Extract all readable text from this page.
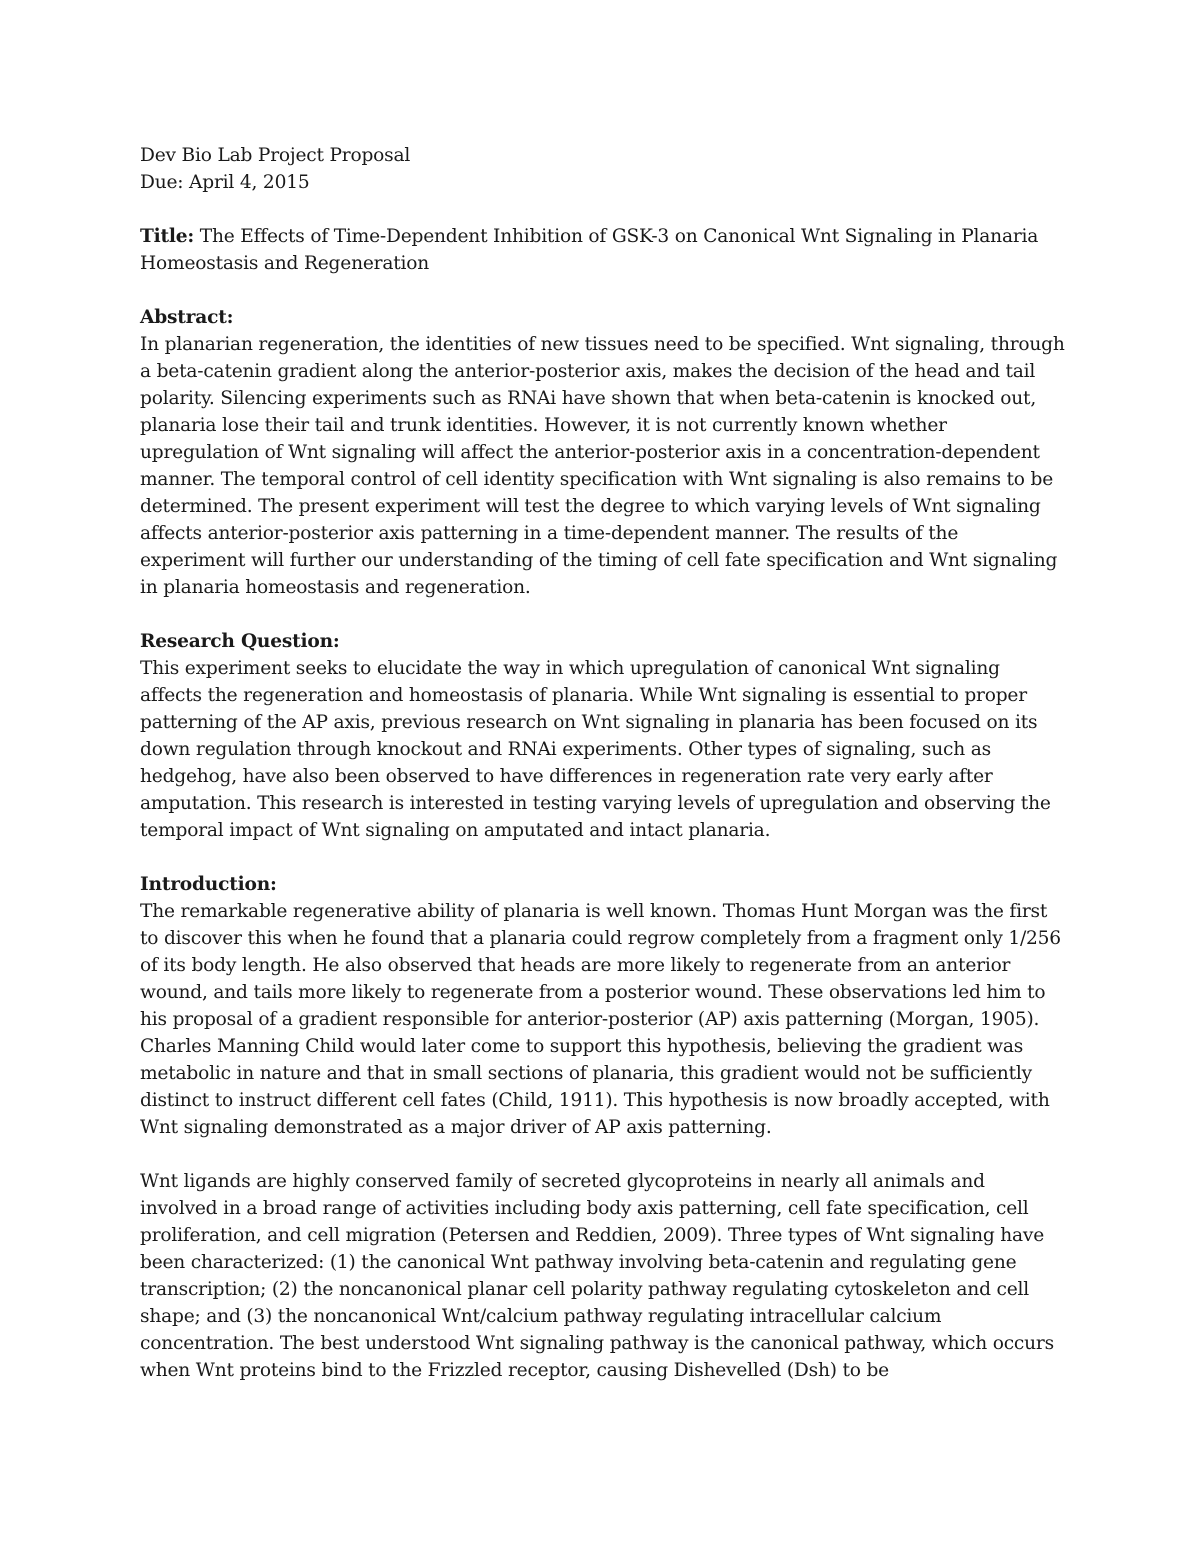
Dev Bio Lab Project Proposal
Due: April 4, 2015

Title: The Effects of Time-Dependent Inhibition of GSK-3 on Canonical Wnt Signaling in Planaria Homeostasis and Regeneration

Abstract:

In planarian regeneration, the identities of new tissues need to be specified. Wnt signaling, through a beta-catenin gradient along the anterior-posterior axis, makes the decision of the head and tail polarity. Silencing experiments such as RNAi have shown that when beta-catenin is knocked out, planaria lose their tail and trunk identities. However, it is not currently known whether upregulation of Wnt signaling will affect the anterior-posterior axis in a concentration-dependent manner. The temporal control of cell identity specification with Wnt signaling is also remains to be determined. The present experiment will test the degree to which varying levels of Wnt signaling affects anterior-posterior axis patterning in a time-dependent manner. The results of the experiment will further our understanding of the timing of cell fate specification and Wnt signaling in planaria homeostasis and regeneration.

Research Question:

This experiment seeks to elucidate the way in which upregulation of canonical Wnt signaling affects the regeneration and homeostasis of planaria. While Wnt signaling is essential to proper patterning of the AP axis, previous research on Wnt signaling in planaria has been focused on its down regulation through knockout and RNAi experiments. Other types of signaling, such as hedgehog, have also been observed to have differences in regeneration rate very early after amputation. This research is interested in testing varying levels of upregulation and observing the temporal impact of Wnt signaling on amputated and intact planaria.

Introduction:

The remarkable regenerative ability of planaria is well known. Thomas Hunt Morgan was the first to discover this when he found that a planaria could regrow completely from a fragment only 1/256 of its body length. He also observed that heads are more likely to regenerate from an anterior wound, and tails more likely to regenerate from a posterior wound. These observations led him to his proposal of a gradient responsible for anterior-posterior (AP) axis patterning (Morgan, 1905). Charles Manning Child would later come to support this hypothesis, believing the gradient was metabolic in nature and that in small sections of planaria, this gradient would not be sufficiently distinct to instruct different cell fates (Child, 1911). This hypothesis is now broadly accepted, with Wnt signaling demonstrated as a major driver of AP axis patterning.

Wnt ligands are highly conserved family of secreted glycoproteins in nearly all animals and involved in a broad range of activities including body axis patterning, cell fate specification, cell proliferation, and cell migration (Petersen and Reddien, 2009). Three types of Wnt signaling have been characterized: (1) the canonical Wnt pathway involving beta-catenin and regulating gene transcription; (2) the noncanonical planar cell polarity pathway regulating cytoskeleton and cell shape; and (3) the noncanonical Wnt/calcium pathway regulating intracellular calcium concentration. The best understood Wnt signaling pathway is the canonical pathway, which occurs when Wnt proteins bind to the Frizzled receptor, causing Dishevelled (Dsh) to be
